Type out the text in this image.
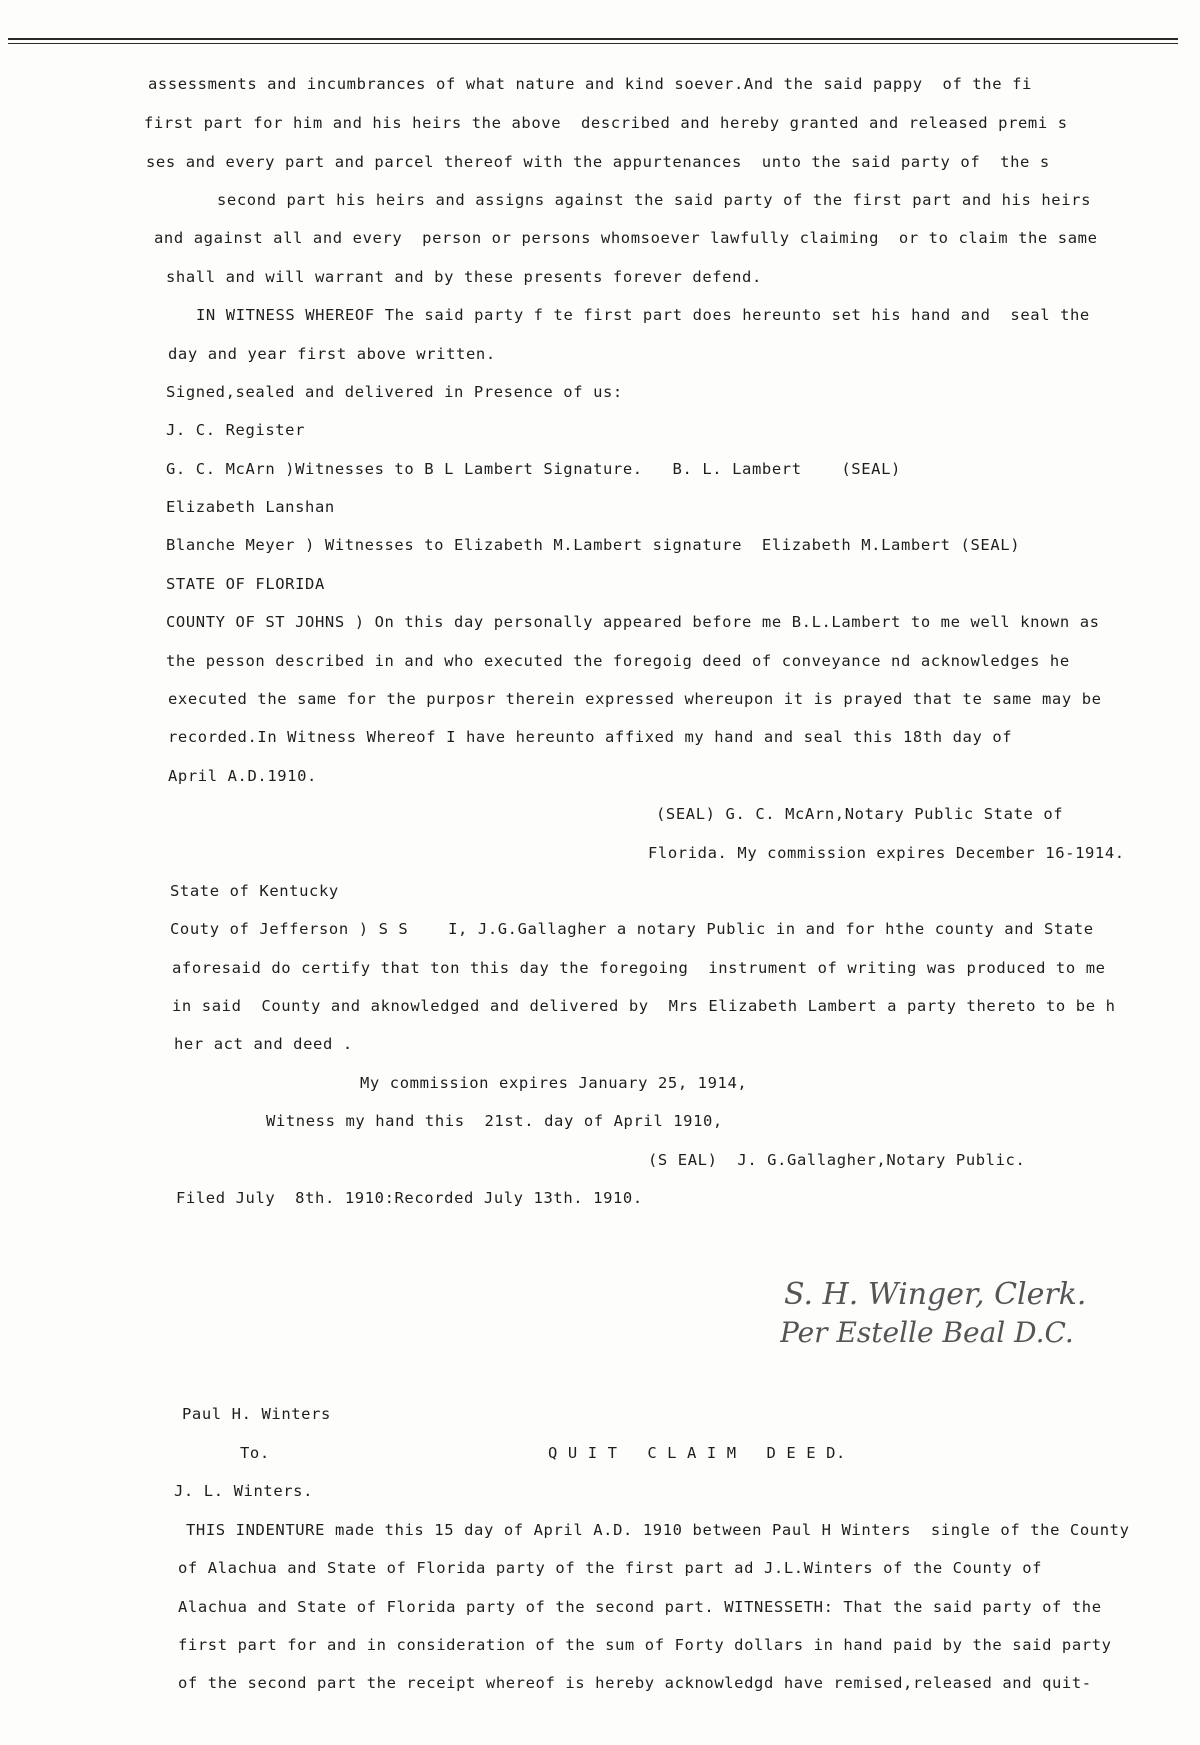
assessments and incumbrances of what nature and kind soever.And the said pappy  of the fi
first part for him and his heirs the above  described and hereby granted and released premi s
ses and every part and parcel thereof with the appurtenances  unto the said party of  the s
second part his heirs and assigns against the said party of the first part and his heirs
and against all and every  person or persons whomsoever lawfully claiming  or to claim the same
shall and will warrant and by these presents forever defend.
IN WITNESS WHEREOF The said party f te first part does hereunto set his hand and  seal the
day and year first above written.
Signed,sealed and delivered in Presence of us:
J. C. Register
G. C. McArn )Witnesses to B L Lambert Signature.   B. L. Lambert    (SEAL)
Elizabeth Lanshan
Blanche Meyer ) Witnesses to Elizabeth M.Lambert signature  Elizabeth M.Lambert (SEAL)
STATE OF FLORIDA
COUNTY OF ST JOHNS ) On this day personally appeared before me B.L.Lambert to me well known as
the pesson described in and who executed the foregoig deed of conveyance nd acknowledges he
executed the same for the purposr therein expressed whereupon it is prayed that te same may be
recorded.In Witness Whereof I have hereunto affixed my hand and seal this 18th day of
April A.D.1910.
(SEAL) G. C. McArn,Notary Public State of
Florida. My commission expires December 16-1914.
State of Kentucky
Couty of Jefferson ) S S    I, J.G.Gallagher a notary Public in and for hthe county and State
aforesaid do certify that ton this day the foregoing  instrument of writing was produced to me
in said  County and aknowledged and delivered by  Mrs Elizabeth Lambert a party thereto to be h
her act and deed .
My commission expires January 25, 1914,
Witness my hand this  21st. day of April 1910,
(S EAL)  J. G.Gallagher,Notary Public.
Filed July  8th. 1910:Recorded July 13th. 1910.
S. H. Winger, Clerk.
Per Estelle Beal D.C.
Paul H. Winters
To.	Q U I T   C L A I M   D E E D.
J. L. Winters.
THIS INDENTURE made this 15 day of April A.D. 1910 between Paul H Winters  single of the County
of Alachua and State of Florida party of the first part ad J.L.Winters of the County of
Alachua and State of Florida party of the second part. WITNESSETH: That the said party of the
first part for and in consideration of the sum of Forty dollars in hand paid by the said party
of the second part the receipt whereof is hereby acknowledgd have remised,released and quit-
